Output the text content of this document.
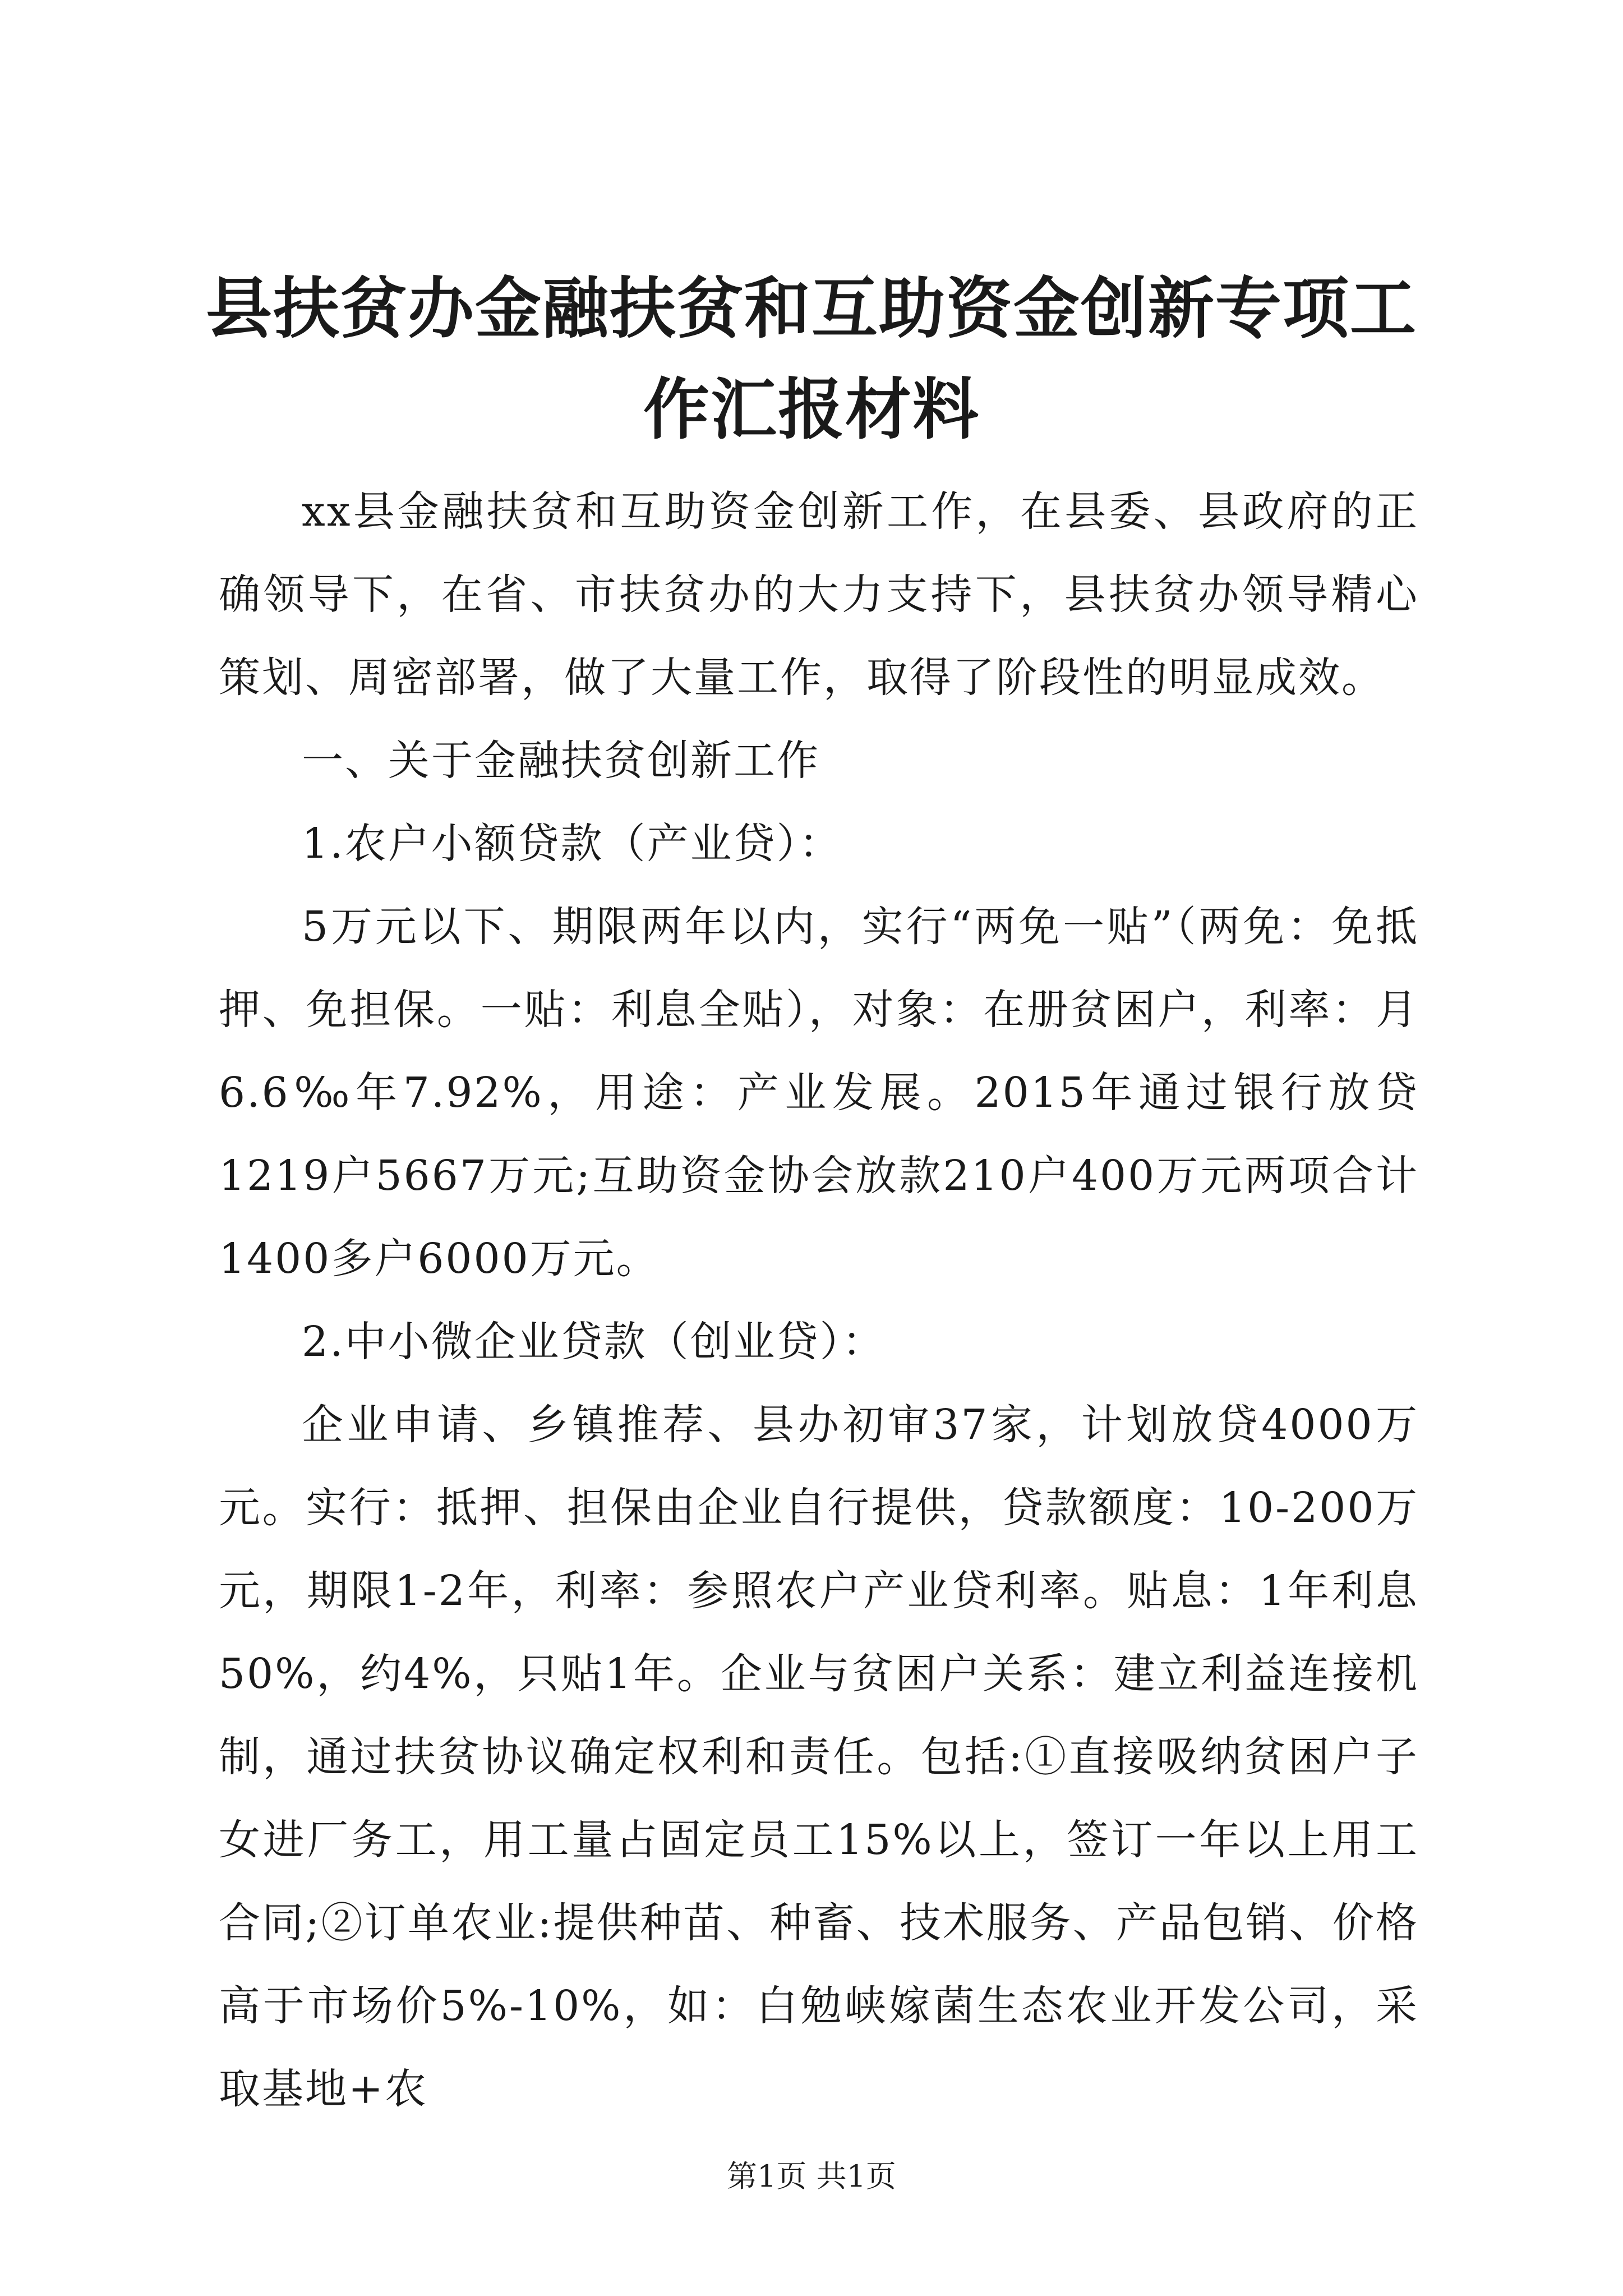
县扶贫办金融扶贫和互助资金创新专项工作汇报材料

xx县金融扶贫和互助资金创新工作，在县委、县政府的正确领导下，在省、市扶贫办的大力支持下，县扶贫办领导精心策划、周密部署，做了大量工作，取得了阶段性的明显成效。

一、关于金融扶贫创新工作

1.农户小额贷款（产业贷）：

5万元以下、期限两年以内，实行“两免一贴”（两免：免抵押、免担保。一贴：利息全贴），对象：在册贫困户，利率：月6.6‰年7.92%，用途：产业发展。2015年通过银行放贷1219户5667万元;互助资金协会放款210户400万元两项合计1400多户6000万元。

2.中小微企业贷款（创业贷）：

企业申请、乡镇推荐、县办初审37家，计划放贷4000万元。实行：抵押、担保由企业自行提供，贷款额度：10-200万元，期限1-2年，利率：参照农户产业贷利率。贴息：1年利息50%，约4%，只贴1年。企业与贫困户关系：建立利益连接机制，通过扶贫协议确定权利和责任。包括:①直接吸纳贫困户子女进厂务工，用工量占固定员工15%以上，签订一年以上用工合同;②订单农业:提供种苗、种畜、技术服务、产品包销、价格高于市场价5%-10%，如：白勉峡嫁菌生态农业开发公司，采取基地+农

第1页 共1页
